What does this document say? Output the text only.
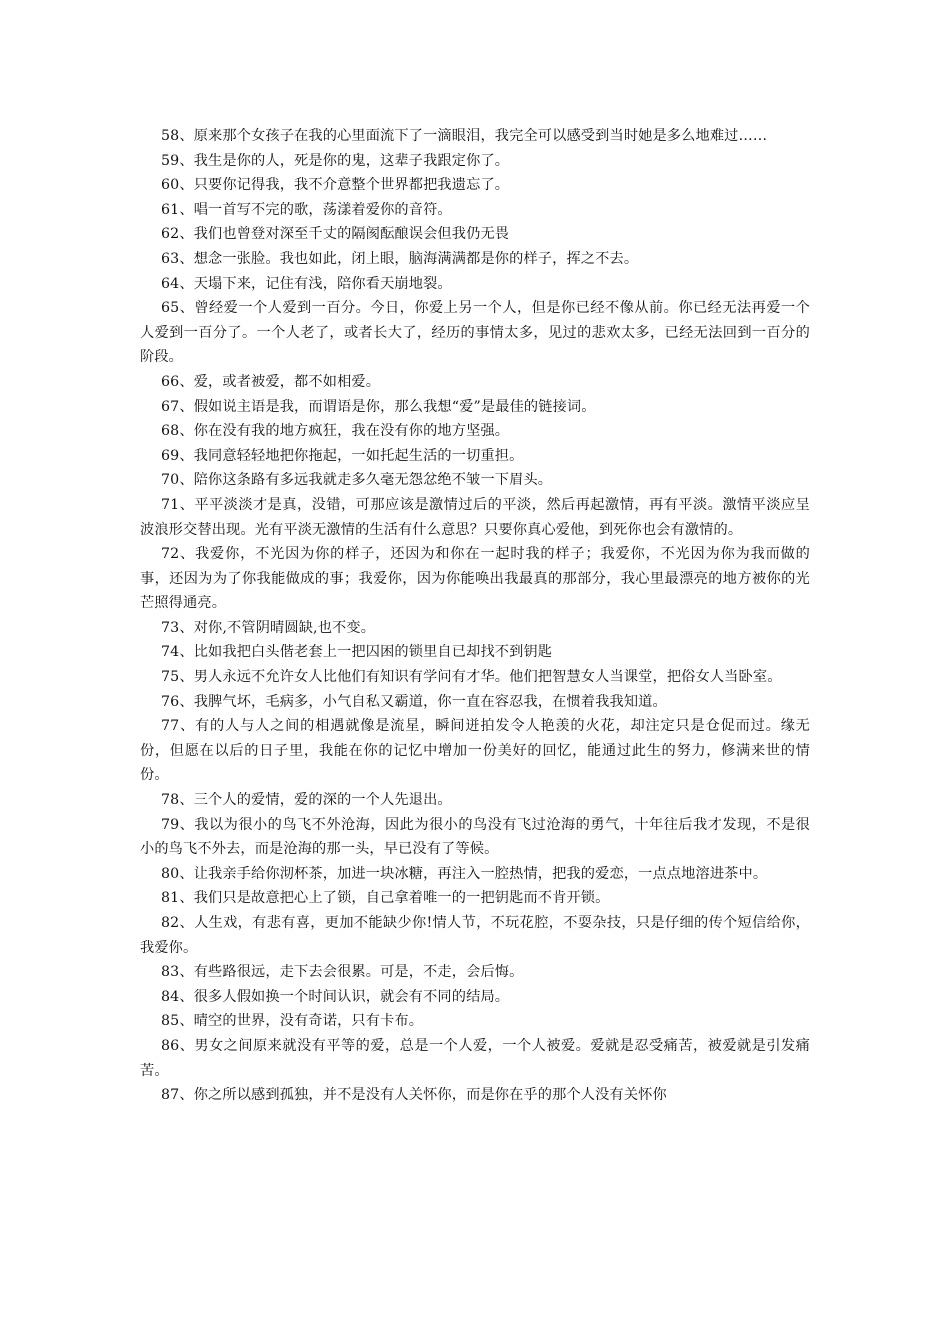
58、原来那个女孩子在我的心里面流下了一滴眼泪，我完全可以感受到当时她是多么地难过……

59、我生是你的人，死是你的鬼，这辈子我跟定你了。

60、只要你记得我，我不介意整个世界都把我遗忘了。

61、唱一首写不完的歌，荡漾着爱你的音符。

62、我们也曾登对深至千丈的隔阂酝酿误会但我仍无畏

63、想念一张脸。我也如此，闭上眼，脑海满满都是你的样子，挥之不去。

64、天塌下来，记住有浅，陪你看天崩地裂。

65、曾经爱一个人爱到一百分。今日，你爱上另一个人，但是你已经不像从前。你已经无法再爱一个人爱到一百分了。一个人老了，或者长大了，经历的事情太多，见过的悲欢太多，已经无法回到一百分的阶段。

66、爱，或者被爱，都不如相爱。

67、假如说主语是我，而谓语是你，那么我想“爱”是最佳的链接词。

68、你在没有我的地方疯狂，我在没有你的地方坚强。

69、我同意轻轻地把你拖起，一如托起生活的一切重担。

70、陪你这条路有多远我就走多久毫无怨忿绝不皱一下眉头。

71、平平淡淡才是真，没错，可那应该是激情过后的平淡，然后再起激情，再有平淡。激情平淡应呈波浪形交替出现。光有平淡无激情的生活有什么意思？只要你真心爱他，到死你也会有激情的。

72、我爱你，不光因为你的样子，还因为和你在一起时我的样子；我爱你，不光因为你为我而做的事，还因为为了你我能做成的事；我爱你，因为你能唤出我最真的那部分，我心里最漂亮的地方被你的光芒照得通亮。

73、对你,不管阴晴圆缺,也不变。

74、比如我把白头偕老套上一把囚困的锁里自已却找不到钥匙

75、男人永远不允许女人比他们有知识有学问有才华。他们把智慧女人当课堂，把俗女人当卧室。

76、我脾气坏，毛病多，小气自私又霸道，你一直在容忍我，在惯着我我知道。

77、有的人与人之间的相遇就像是流星，瞬间迸拍发令人艳羡的火花，却注定只是仓促而过。缘无份，但愿在以后的日子里，我能在你的记忆中增加一份美好的回忆，能通过此生的努力，修满来世的情份。

78、三个人的爱情，爱的深的一个人先退出。

79、我以为很小的鸟飞不外沧海，因此为很小的鸟没有飞过沧海的勇气，十年往后我才发现，不是很小的鸟飞不外去，而是沧海的那一头，早已没有了等候。

80、让我亲手给你沏杯茶，加进一块冰糖，再注入一腔热情，把我的爱恋，一点点地溶进茶中。

81、我们只是故意把心上了锁，自己拿着唯一的一把钥匙而不肯开锁。

82、人生戏，有悲有喜，更加不能缺少你!情人节，不玩花腔，不耍杂技，只是仔细的传个短信给你，我爱你。

83、有些路很远，走下去会很累。可是，不走，会后悔。

84、很多人假如换一个时间认识，就会有不同的结局。

85、晴空的世界，没有奇诺，只有卡布。

86、男女之间原来就没有平等的爱，总是一个人爱，一个人被爱。爱就是忍受痛苦，被爱就是引发痛苦。

87、你之所以感到孤独，并不是没有人关怀你，而是你在乎的那个人没有关怀你
